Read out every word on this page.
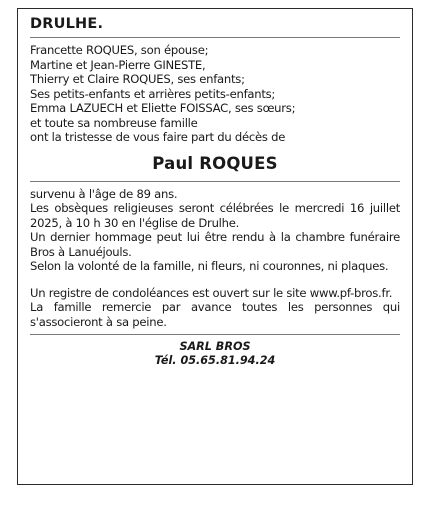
DRULHE.
Francette ROQUES, son épouse;
Martine et Jean-Pierre GINESTE,
Thierry et Claire ROQUES, ses enfants;
Ses petits-enfants et arrières petits-enfants;
Emma LAZUECH et Eliette FOISSAC, ses sœurs;
et toute sa nombreuse famille
ont la tristesse de vous faire part du décès de
Paul ROQUES
survenu à l'âge de 89 ans.
Les obsèques religieuses seront célébrées le mercredi 16 juillet 2025, à 10 h 30 en l'église de Drulhe.
Un dernier hommage peut lui être rendu à la chambre funéraire Bros à Lanuéjouls.
Selon la volonté de la famille, ni fleurs, ni couronnes, ni plaques.
Un registre de condoléances est ouvert sur le site www.pf-bros.fr.
La famille remercie par avance toutes les personnes qui s'associeront à sa peine.
SARL BROS
Tél. 05.65.81.94.24
